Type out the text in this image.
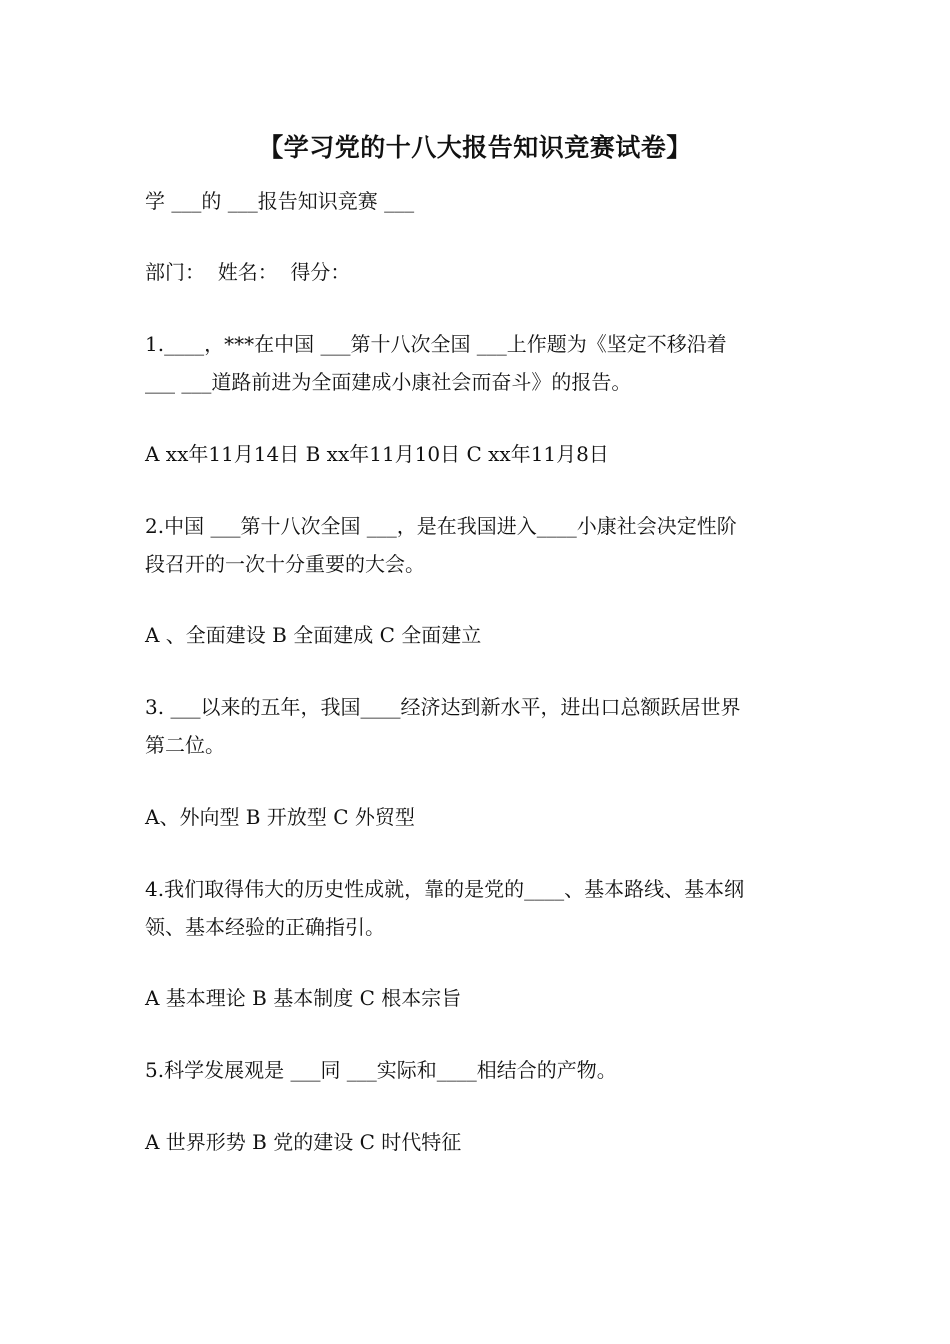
【学习党的十八大报告知识竞赛试卷】
学 ___的 ___报告知识竞赛 ___
部门：  姓名：  得分：
1.____，***在中国 ___第十八次全国 ___上作题为《坚定不移沿着
___ ___道路前进为全面建成小康社会而奋斗》的报告。
A xx年11月14日 B xx年11月10日 C xx年11月8日
2.中国 ___第十八次全国 ___，是在我国进入____小康社会决定性阶
段召开的一次十分重要的大会。
A 、全面建设 B 全面建成 C 全面建立
3. ___以来的五年，我国____经济达到新水平，进出口总额跃居世界
第二位。
A、外向型 B 开放型 C 外贸型
4.我们取得伟大的历史性成就，靠的是党的____、基本路线、基本纲
领、基本经验的正确指引。
A 基本理论 B 基本制度 C 根本宗旨
5.科学发展观是 ___同 ___实际和____相结合的产物。
A 世界形势 B 党的建设 C 时代特征
